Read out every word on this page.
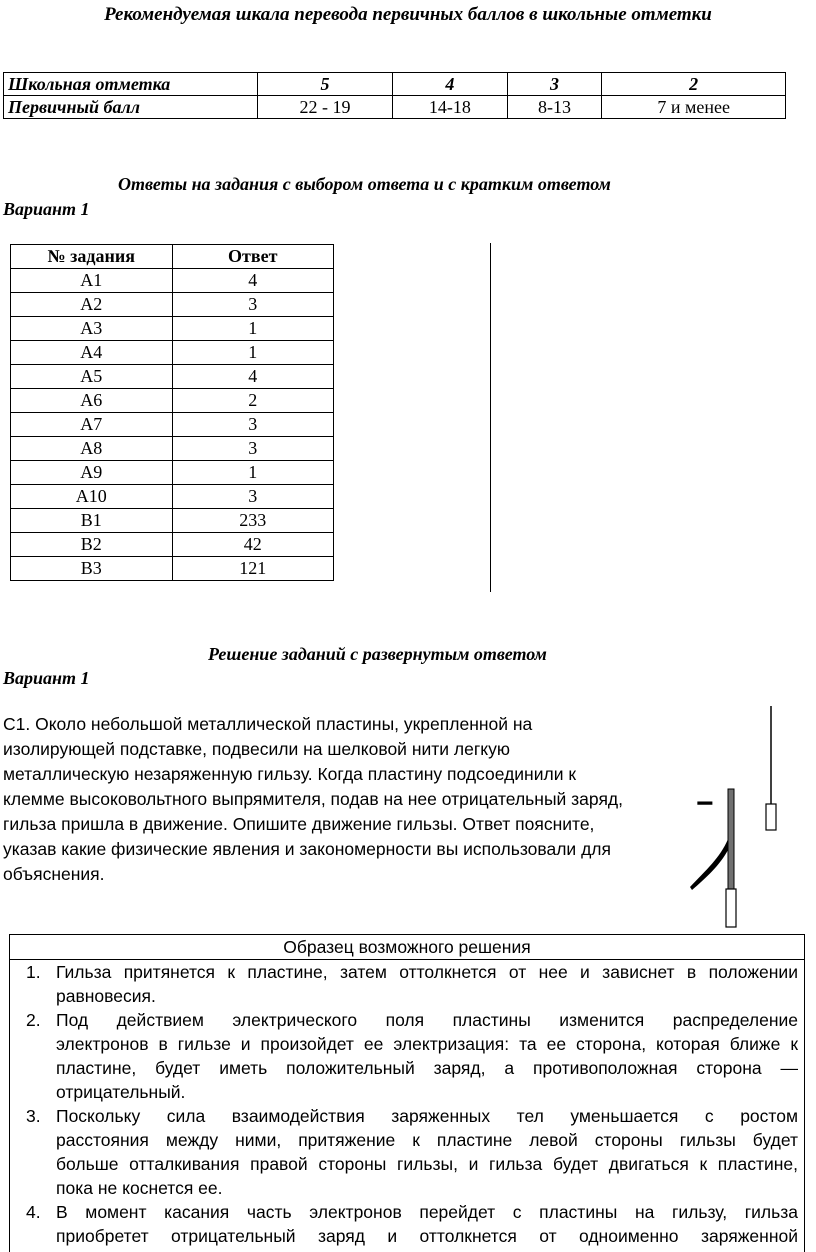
Рекомендуемая шкала перевода первичных баллов в школьные отметки
Школьная отметка	5	4	3	2
Первичный балл	22 - 19	14-18	8-13	7 и менее
Ответы на задания с выбором ответа и с кратким ответом
Вариант 1
№ задания	Ответ
А1	4
А2	3
А3	1
А4	1
А5	4
А6	2
А7	3
А8	3
А9	1
А10	3
В1	233
В2	42
В3	121
Решение заданий с развернутым ответом
Вариант 1

С1. Около небольшой металлической пластины, укрепленной на

изолирующей подставке, подвесили на шелковой нити легкую

металлическую незаряженную гильзу. Когда пластину подсоединили к

клемме высоковольтного выпрямителя, подав на нее отрицательный заряд,

гильза пришла в движение. Опишите движение гильзы. Ответ поясните,

указав какие физические явления и закономерности вы использовали для

объяснения.

−
Образец возможного решения
1. Гильза притянется к пластине, затем оттолкнется от нее и зависнет в положении
равновесия.
2. Под действием электрического поля пластины изменится распределение
электронов в гильзе и произойдет ее электризация: та ее сторона, которая ближе к
пластине, будет иметь положительный заряд, а противоположная сторона —
отрицательный.
3. Поскольку сила взаимодействия заряженных тел уменьшается с ростом
расстояния между ними, притяжение к пластине левой стороны гильзы будет
больше отталкивания правой стороны гильзы, и гильза будет двигаться к пластине,
пока не коснется ее.
4. В момент касания часть электронов перейдет с пластины на гильзу, гильза
приобретет отрицательный заряд и оттолкнется от одноименно заряженной
